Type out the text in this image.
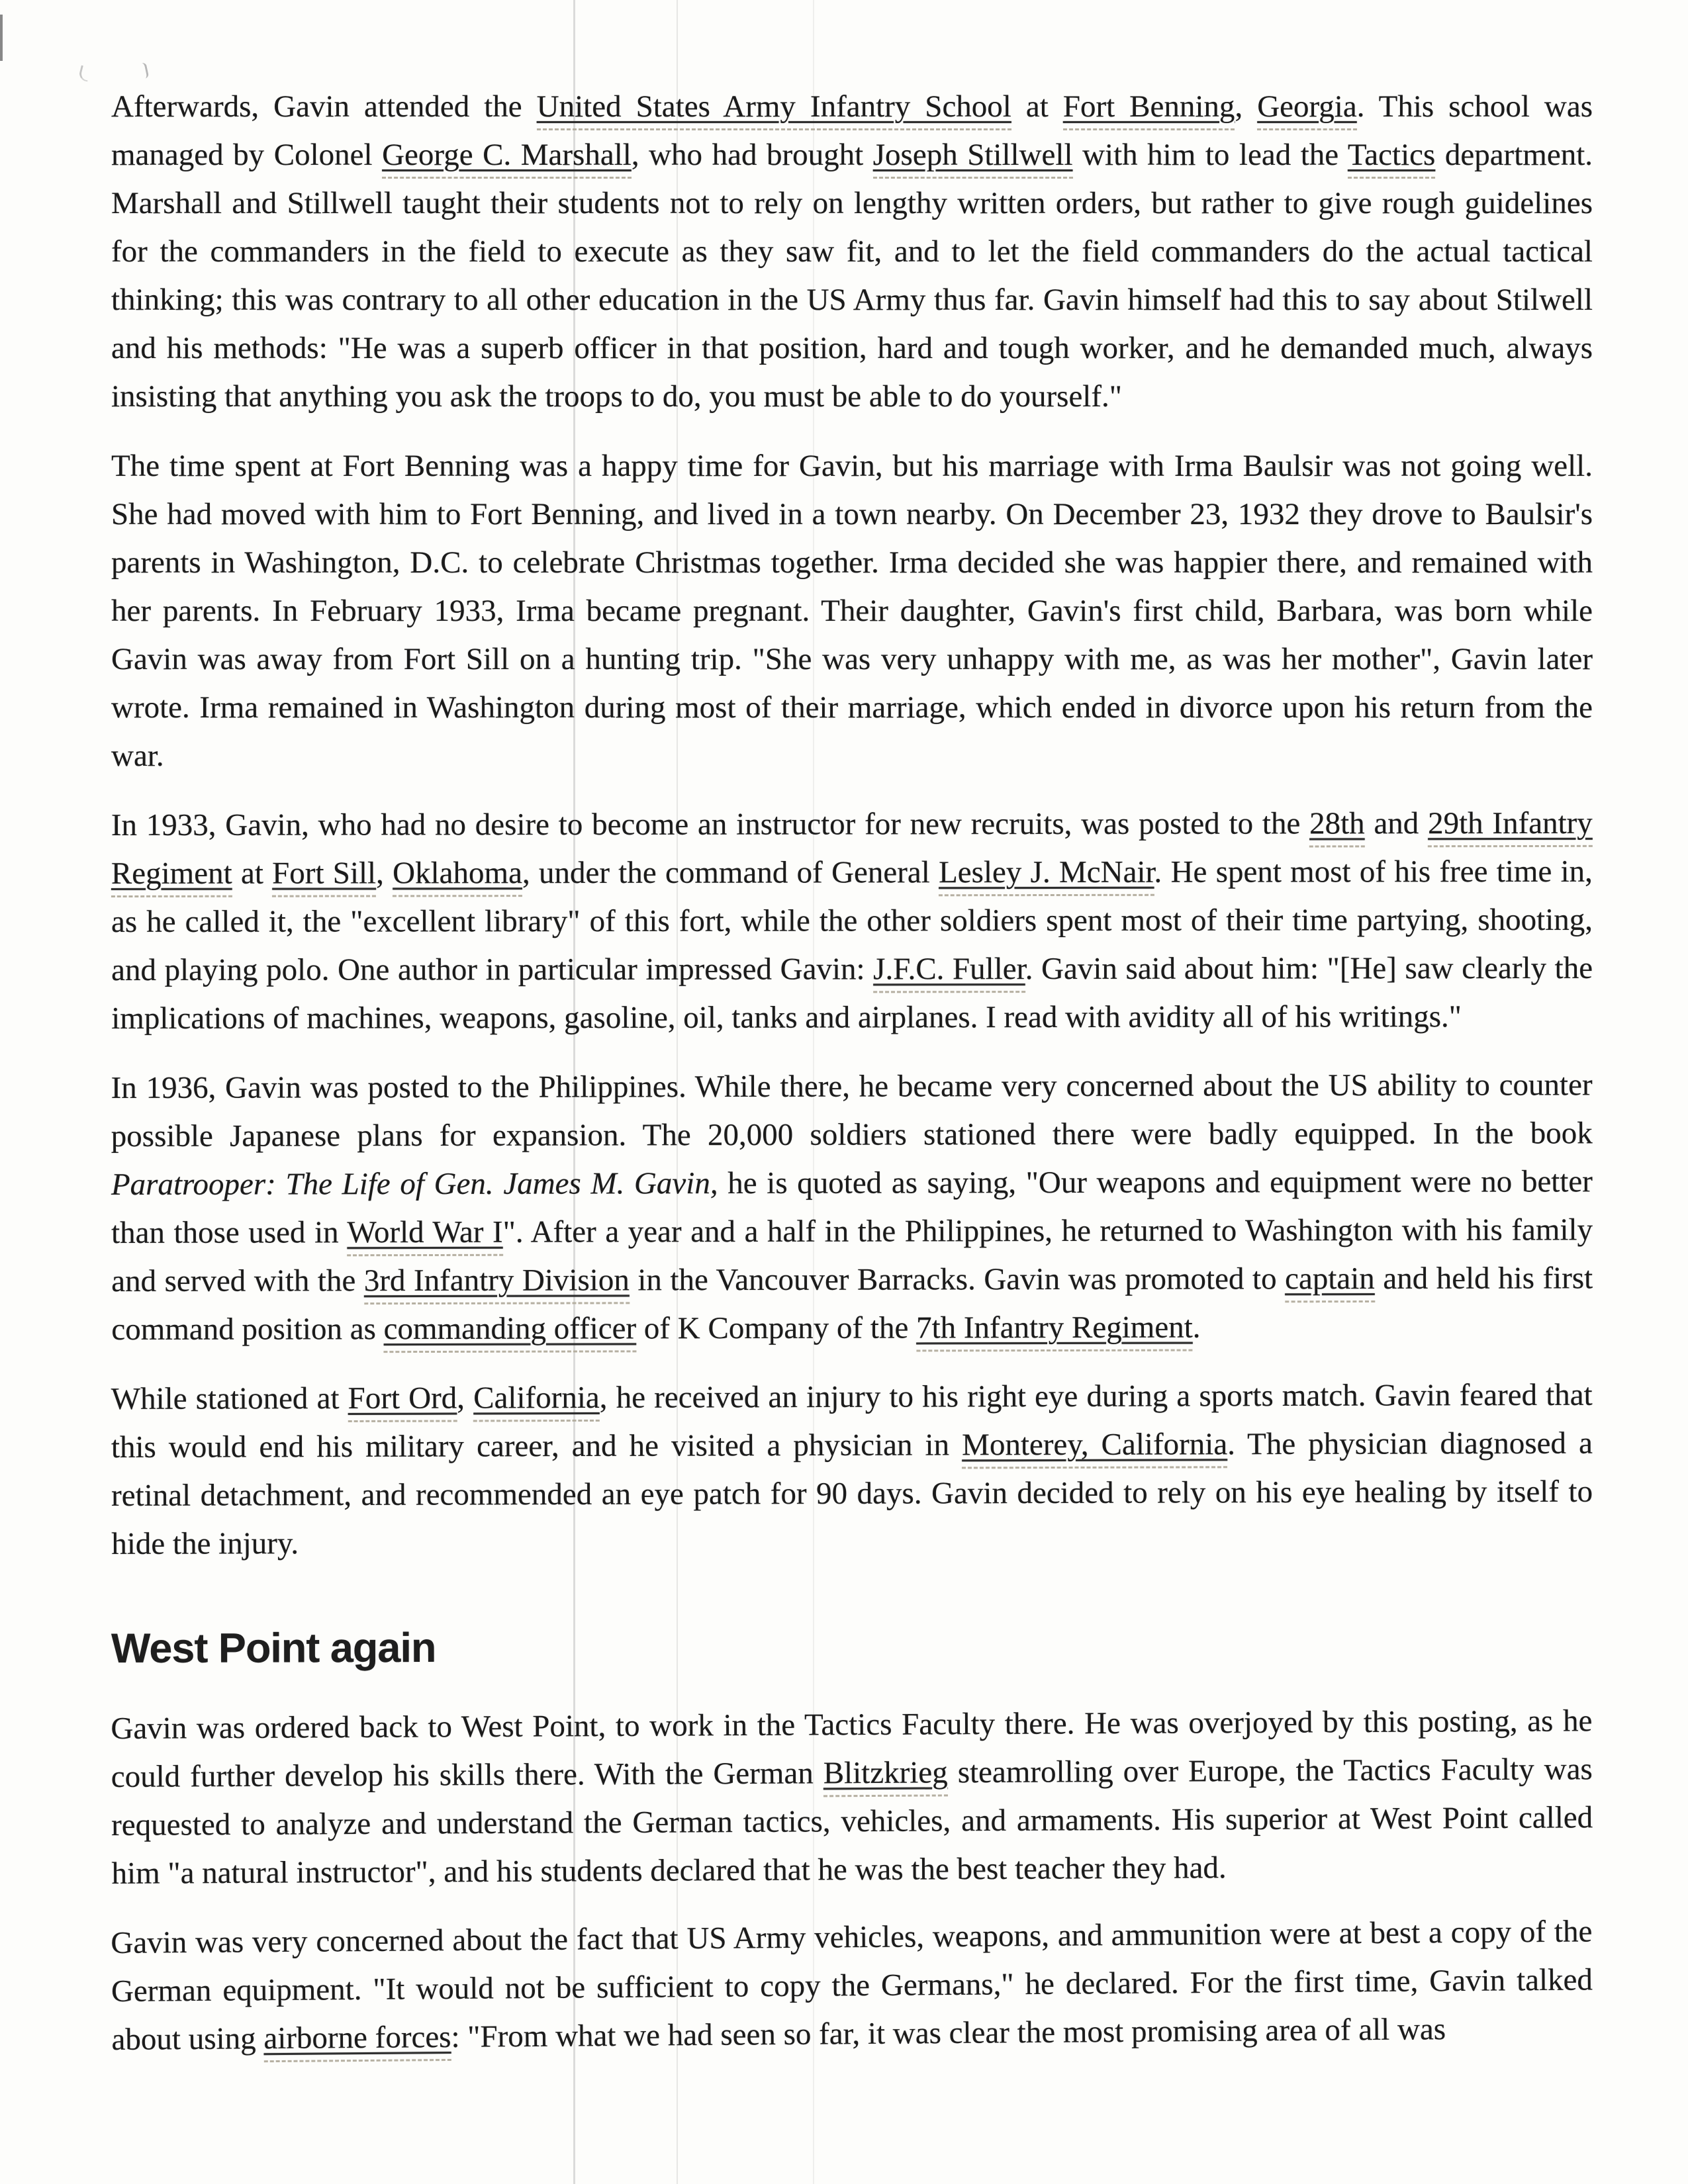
Afterwards, Gavin attended the United States Army Infantry School at Fort Benning, Georgia. This school was managed by Colonel George C. Marshall, who had brought Joseph Stillwell with him to lead the Tactics department. Marshall and Stillwell taught their students not to rely on lengthy written orders, but rather to give rough guidelines for the commanders in the field to execute as they saw fit, and to let the field commanders do the actual tactical thinking; this was contrary to all other education in the US Army thus far. Gavin himself had this to say about Stilwell and his methods: "He was a superb officer in that position, hard and tough worker, and he demanded much, always insisting that anything you ask the troops to do, you must be able to do yourself."

The time spent at Fort Benning was a happy time for Gavin, but his marriage with Irma Baulsir was not going well. She had moved with him to Fort Benning, and lived in a town nearby. On December 23, 1932 they drove to Baulsir's parents in Washington, D.C. to celebrate Christmas together. Irma decided she was happier there, and remained with her parents. In February 1933, Irma became pregnant. Their daughter, Gavin's first child, Barbara, was born while Gavin was away from Fort Sill on a hunting trip. "She was very unhappy with me, as was her mother", Gavin later wrote. Irma remained in Washington during most of their marriage, which ended in divorce upon his return from the war.

In 1933, Gavin, who had no desire to become an instructor for new recruits, was posted to the 28th and 29th Infantry Regiment at Fort Sill, Oklahoma, under the command of General Lesley J. McNair. He spent most of his free time in, as he called it, the "excellent library" of this fort, while the other soldiers spent most of their time partying, shooting, and playing polo. One author in particular impressed Gavin: J.F.C. Fuller. Gavin said about him: "[He] saw clearly the implications of machines, weapons, gasoline, oil, tanks and airplanes. I read with avidity all of his writings."

In 1936, Gavin was posted to the Philippines. While there, he became very concerned about the US ability to counter possible Japanese plans for expansion. The 20,000 soldiers stationed there were badly equipped. In the book Paratrooper: The Life of Gen. James M. Gavin, he is quoted as saying, "Our weapons and equipment were no better than those used in World War I". After a year and a half in the Philippines, he returned to Washington with his family and served with the 3rd Infantry Division in the Vancouver Barracks. Gavin was promoted to captain and held his first command position as commanding officer of K Company of the 7th Infantry Regiment.

While stationed at Fort Ord, California, he received an injury to his right eye during a sports match. Gavin feared that this would end his military career, and he visited a physician in Monterey, California. The physician diagnosed a retinal detachment, and recommended an eye patch for 90 days. Gavin decided to rely on his eye healing by itself to hide the injury.

West Point again

Gavin was ordered back to West Point, to work in the Tactics Faculty there. He was overjoyed by this posting, as he could further develop his skills there. With the German Blitzkrieg steamrolling over Europe, the Tactics Faculty was requested to analyze and understand the German tactics, vehicles, and armaments. His superior at West Point called him "a natural instructor", and his students declared that he was the best teacher they had.

Gavin was very concerned about the fact that US Army vehicles, weapons, and ammunition were at best a copy of the German equipment. "It would not be sufficient to copy the Germans," he declared. For the first time, Gavin talked about using airborne forces: "From what we had seen so far, it was clear the most promising area of all was
